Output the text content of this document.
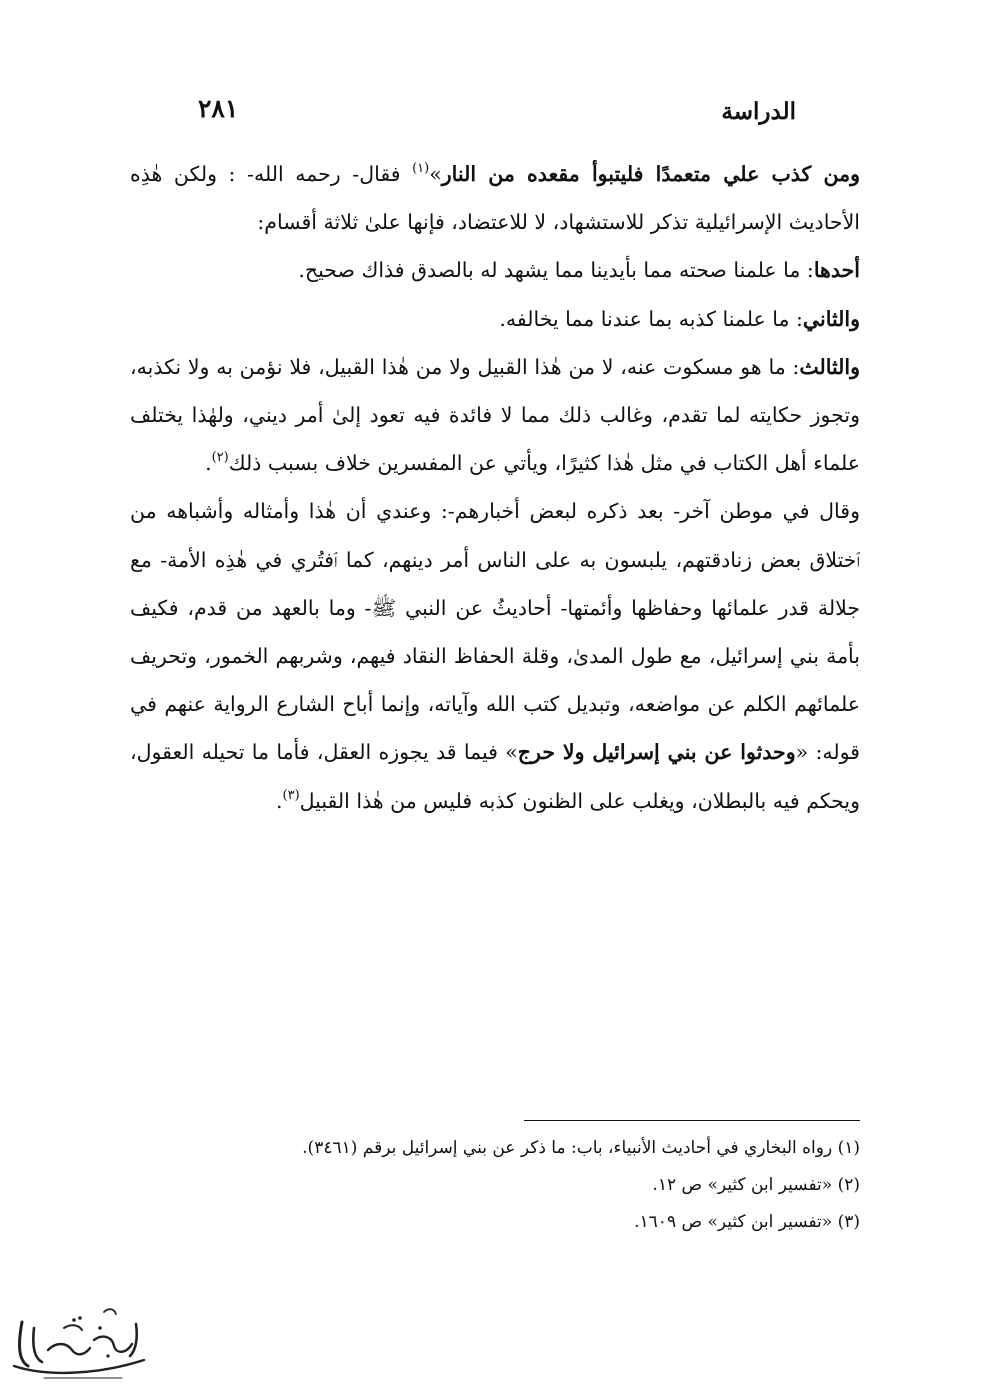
الدراسة
٢٨١

ومن كذب علي متعمدًا فليتبوأ مقعده من النار»$^{(١)}$ فقال- رحمه الله- : ولكن هٰذِه الأحاديث الإسرائيلية تذكر للاستشهاد، لا للاعتضاد، فإنها علىٰ ثلاثة أقسام:

أحدها: ما علمنا صحته مما بأيدينا مما يشهد له بالصدق فذاك صحيح.

والثاني: ما علمنا كذبه بما عندنا مما يخالفه.

والثالث: ما هو مسكوت عنه، لا من هٰذا القبيل ولا من هٰذا القبيل، فلا نؤمن به ولا نكذبه، وتجوز حكايته لما تقدم، وغالب ذلك مما لا فائدة فيه تعود إلىٰ أمر ديني، ولهٰذا يختلف علماء أهل الكتاب في مثل هٰذا كثيرًا، ويأتي عن المفسرين خلاف بسبب ذلك$^{(٢)}$.

وقال في موطن آخر- بعد ذكره لبعض أخبارهم-: وعندي أن هٰذا وأمثاله وأشباهه من ٱختلاق بعض زنادقتهم، يلبسون به على الناس أمر دينهم، كما ٱفتُري في هٰذِه الأمة- مع جلالة قدر علمائها وحفاظها وأئمتها- أحاديثُ عن النبي ﷺ- وما بالعهد من قدم، فكيف بأمة بني إسرائيل، مع طول المدىٰ، وقلة الحفاظ النقاد فيهم، وشربهم الخمور، وتحريف علمائهم الكلم عن مواضعه، وتبديل كتب الله وآياته، وإنما أباح الشارع الرواية عنهم في قوله: «وحدثوا عن بني إسرائيل ولا حرج» فيما قد يجوزه العقل، فأما ما تحيله العقول، ويحكم فيه بالبطلان، ويغلب على الظنون كذبه فليس من هٰذا القبيل$^{(٣)}$.

(١) رواه البخاري في أحاديث الأنبياء، باب: ما ذكر عن بني إسرائيل برقم (٣٤٦١).

(٢) «تفسير ابن كثير» ص ١٢.

(٣) «تفسير ابن كثير» ص ١٦٠٩.
